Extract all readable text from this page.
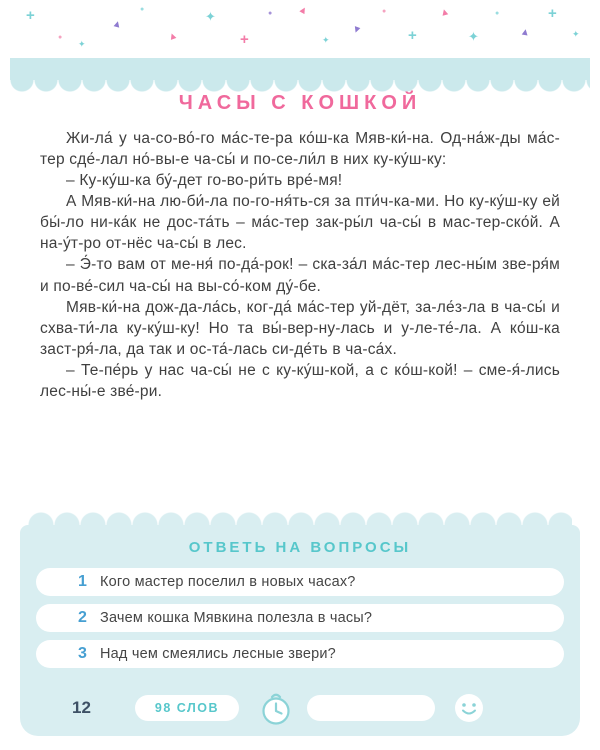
+
●
✦
▲
●
▲
✦
+
● ▲
✦
▲
●
+
▲
✦
●
▲
+
✦
ЧАСЫ С КОШКОЙ

Жи-ла́ у ча-со-во́-го ма́с-те-ра ко́ш-ка Мяв-ки́-на. Од-на́ж-ды ма́с-тер сде́-лал но́-вы-е ча-сы́ и по-се-ли́л в них ку-ку́ш-ку:

– Ку-ку́ш-ка бу́-дет го-во-ри́ть вре́-мя!

А Мяв-ки́-на лю-би́-ла по-го-ня́ть-ся за пти́ч-ка-ми. Но ку-ку́ш-ку ей бы́-ло ни-ка́к не дос-та́ть – ма́с-тер зак-ры́л ча-сы́ в мас-тер-ско́й. А на-у́т-ро от-нёс ча-сы́ в лес.

– Э́-то вам от ме-ня́ по-да́-рок! – ска-за́л ма́с-тер лес-ны́м зве-ря́м и по-ве́-сил ча-сы́ на вы-со́-ком ду́-бе.

Мяв-ки́-на дож-да-ла́сь, ког-да́ ма́с-тер уй-дёт, за-ле́з-ла в ча-сы́ и схва-ти́-ла ку-ку́ш-ку! Но та вы́-вер-ну-лась и у-ле-те́-ла. А ко́ш-ка заст-ря́-ла, да так и ос-та́-лась си-де́ть в ча-са́х.

– Те-пе́рь у нас ча-сы́ не с ку-ку́ш-кой, а с ко́ш-кой! – сме-я́-лись лес-ны́-е зве́-ри.

ОТВЕТЬ НА ВОПРОСЫ
1 Кого мастер поселил в новых часах?
2 Зачем кошка Мявкина полезла в часы?
3 Над чем смеялись лесные звери?
12	98 СЛОВ
